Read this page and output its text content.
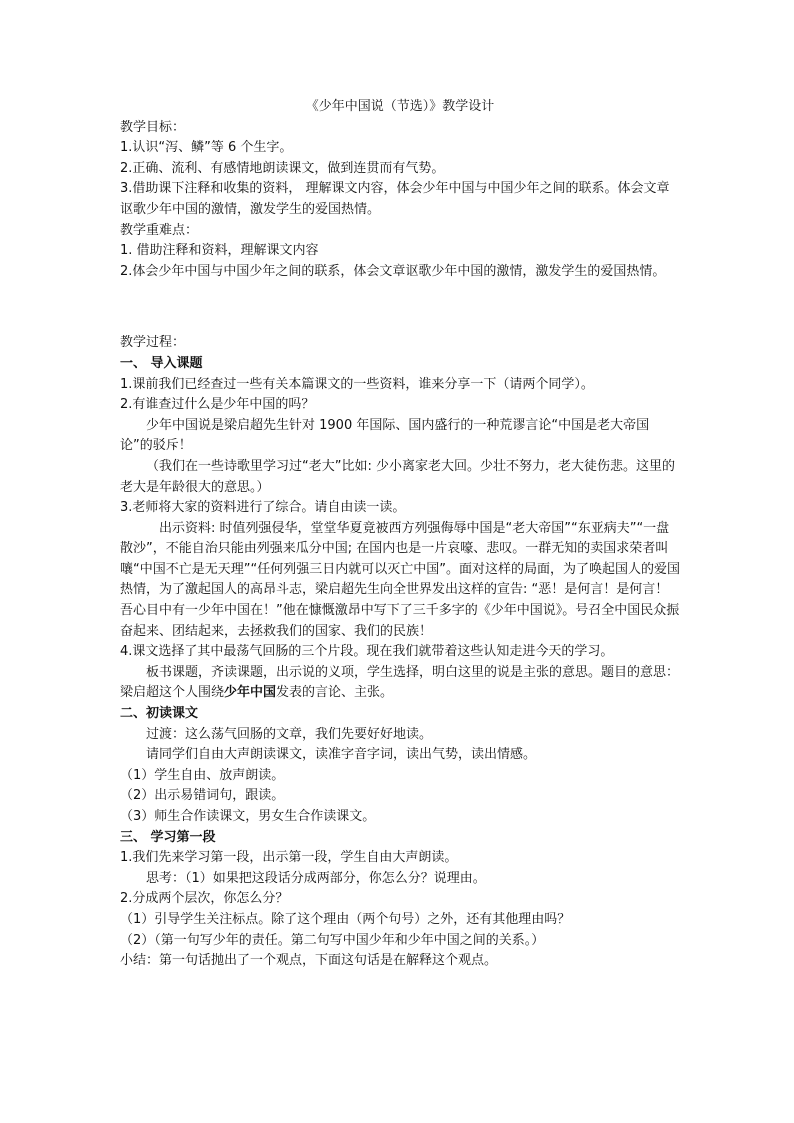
《少年中国说（节选）》教学设计
教学目标：
1.认识“泻、鳞”等 6 个生字。
2.正确、流利、有感情地朗读课文，做到连贯而有气势。
3.借助课下注释和收集的资料， 理解课文内容，体会少年中国与中国少年之间的联系。体会文章讴歌少年中国的激情，激发学生的爱国热情。
教学重难点：
1. 借助注释和资料，理解课文内容
2.体会少年中国与中国少年之间的联系，体会文章讴歌少年中国的激情，激发学生的爱国热情。
教学过程：
一、 导入课题
1.课前我们已经查过一些有关本篇课文的一些资料，谁来分享一下（请两个同学）。
2.有谁查过什么是少年中国的吗？
少年中国说是梁启超先生针对 1900 年国际、国内盛行的一种荒谬言论“中国是老大帝国论”的驳斥！
（我们在一些诗歌里学习过“老大”比如: 少小离家老大回。少壮不努力，老大徒伤悲。这里的老大是年龄很大的意思。）
3.老师将大家的资料进行了综合。请自由读一读。
出示资料: 时值列强侵华，堂堂华夏竟被西方列强侮辱中国是“老大帝国”“东亚病夫”“一盘散沙”，不能自治只能由列强来瓜分中国; 在国内也是一片哀嚎、悲叹。一群无知的卖国求荣者叫嚷“中国不亡是无天理”“任何列强三日内就可以灭亡中国”。面对这样的局面，为了唤起国人的爱国热情，为了激起国人的高昂斗志，梁启超先生向全世界发出这样的宣告: “恶！是何言！是何言！吾心目中有一少年中国在！”他在慷慨激昂中写下了三千多字的《少年中国说》。号召全中国民众振奋起来、团结起来，去拯救我们的国家、我们的民族！
4.课文选择了其中最荡气回肠的三个片段。现在我们就带着这些认知走进今天的学习。
板书课题，齐读课题，出示说的义项，学生选择，明白这里的说是主张的意思。题目的意思：梁启超这个人围绕少年中国发表的言论、主张。
二、初读课文
过渡：这么荡气回肠的文章，我们先要好好地读。
请同学们自由大声朗读课文，读准字音字词，读出气势，读出情感。
（1）学生自由、放声朗读。
（2）出示易错词句，跟读。
（3）师生合作读课文，男女生合作读课文。
三、 学习第一段
1.我们先来学习第一段，出示第一段，学生自由大声朗读。
思考：（1）如果把这段话分成两部分，你怎么分？说理由。
2.分成两个层次，你怎么分？
（1）引导学生关注标点。除了这个理由（两个句号）之外，还有其他理由吗？
（2）（第一句写少年的责任。第二句写中国少年和少年中国之间的关系。）
小结：第一句话抛出了一个观点，下面这句话是在解释这个观点。
